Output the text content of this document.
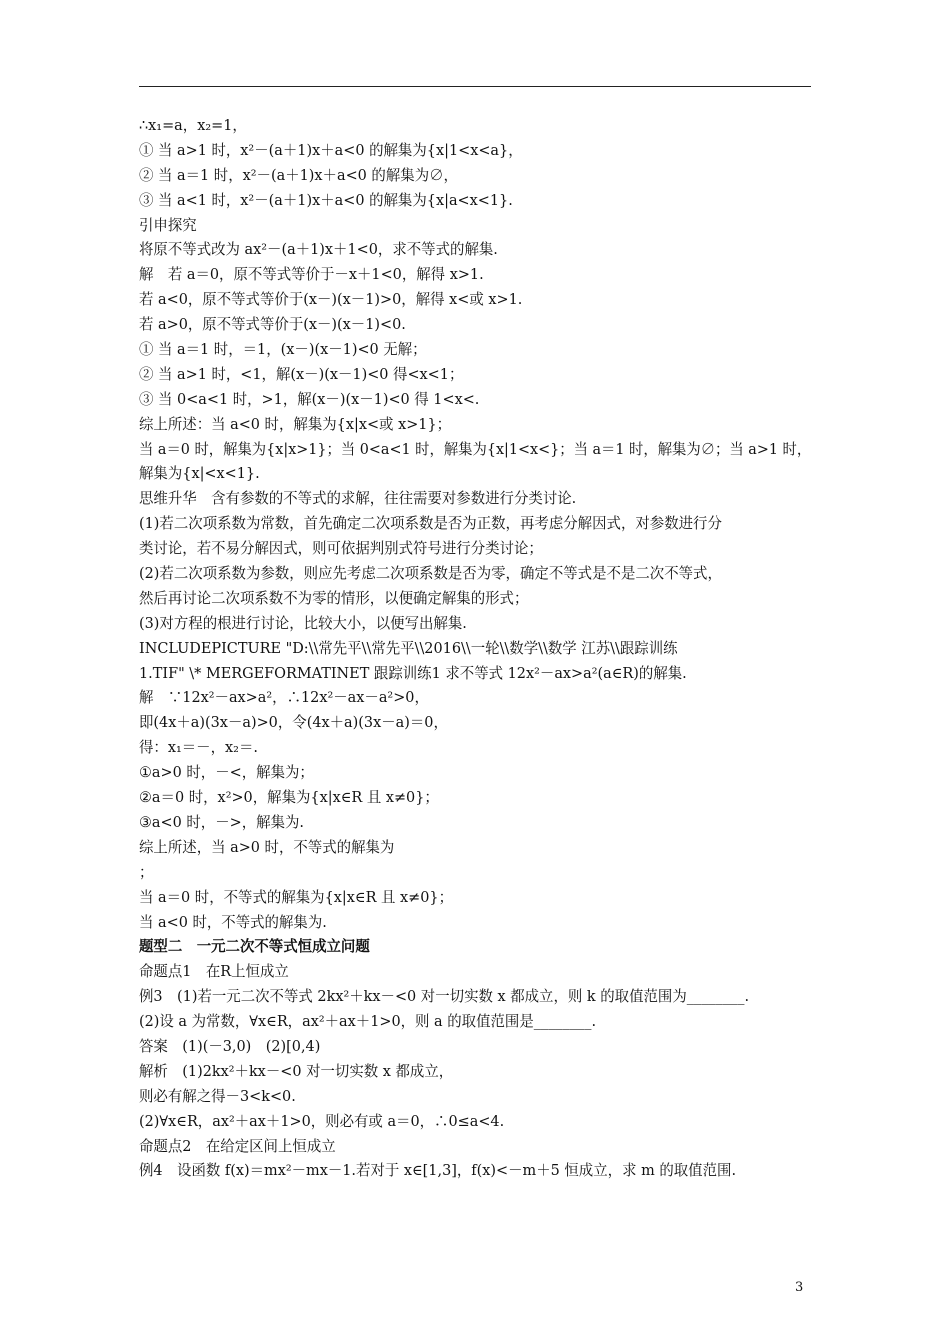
∴x₁=a，x₂=1，
① 当 a>1 时，x²－(a＋1)x＋a<0 的解集为{x|1<x<a}，
② 当 a＝1 时，x²－(a＋1)x＋a<0 的解集为∅，
③ 当 a<1 时，x²－(a＋1)x＋a<0 的解集为{x|a<x<1}.
引申探究
将原不等式改为 ax²－(a＋1)x＋1<0，求不等式的解集.
解　若 a＝0，原不等式等价于－x＋1<0，解得 x>1.
若 a<0，原不等式等价于(x－)(x－1)>0，解得 x<或 x>1.
若 a>0，原不等式等价于(x－)(x－1)<0.
① 当 a＝1 时，＝1，(x－)(x－1)<0 无解；
② 当 a>1 时，<1，解(x－)(x－1)<0 得<x<1；
③ 当 0<a<1 时，>1，解(x－)(x－1)<0 得 1<x<.
综上所述：当 a<0 时，解集为{x|x<或 x>1}；
当 a＝0 时，解集为{x|x>1}；当 0<a<1 时，解集为{x|1<x<}；当 a＝1 时，解集为∅；当 a>1 时，
解集为{x|<x<1}.
思维升华　含有参数的不等式的求解，往往需要对参数进行分类讨论.
(1)若二次项系数为常数，首先确定二次项系数是否为正数，再考虑分解因式，对参数进行分
类讨论，若不易分解因式，则可依据判别式符号进行分类讨论；
(2)若二次项系数为参数，则应先考虑二次项系数是否为零，确定不等式是不是二次不等式，
然后再讨论二次项系数不为零的情形，以便确定解集的形式；
(3)对方程的根进行讨论，比较大小，以便写出解集.
INCLUDEPICTURE "D:\\常先平\\常先平\\2016\\一轮\\数学\\数学 江苏\\跟踪训练
1.TIF" \* MERGEFORMATINET 跟踪训练1 求不等式 12x²－ax>a²(a∈R)的解集.
解　∵12x²－ax>a²，∴12x²－ax－a²>0，
即(4x＋a)(3x－a)>0，令(4x＋a)(3x－a)＝0，
得：x₁＝－，x₂＝.
①a>0 时，－<，解集为；
②a＝0 时，x²>0，解集为{x|x∈R 且 x≠0}；
③a<0 时，－>，解集为.
综上所述，当 a>0 时，不等式的解集为
；
当 a＝0 时，不等式的解集为{x|x∈R 且 x≠0}；
当 a<0 时，不等式的解集为.
题型二　一元二次不等式恒成立问题
命题点1　在R上恒成立
例3　(1)若一元二次不等式 2kx²＋kx－<0 对一切实数 x 都成立，则 k 的取值范围为________.
(2)设 a 为常数，∀x∈R，ax²＋ax＋1>0，则 a 的取值范围是________.
答案　(1)(－3,0)　(2)[0,4)
解析　(1)2kx²＋kx－<0 对一切实数 x 都成立，
则必有解之得－3<k<0.
(2)∀x∈R，ax²＋ax＋1>0，则必有或 a＝0，∴0≤a<4.
命题点2　在给定区间上恒成立
例4　设函数 f(x)＝mx²－mx－1.若对于 x∈[1,3]，f(x)<－m＋5 恒成立，求 m 的取值范围.
3
